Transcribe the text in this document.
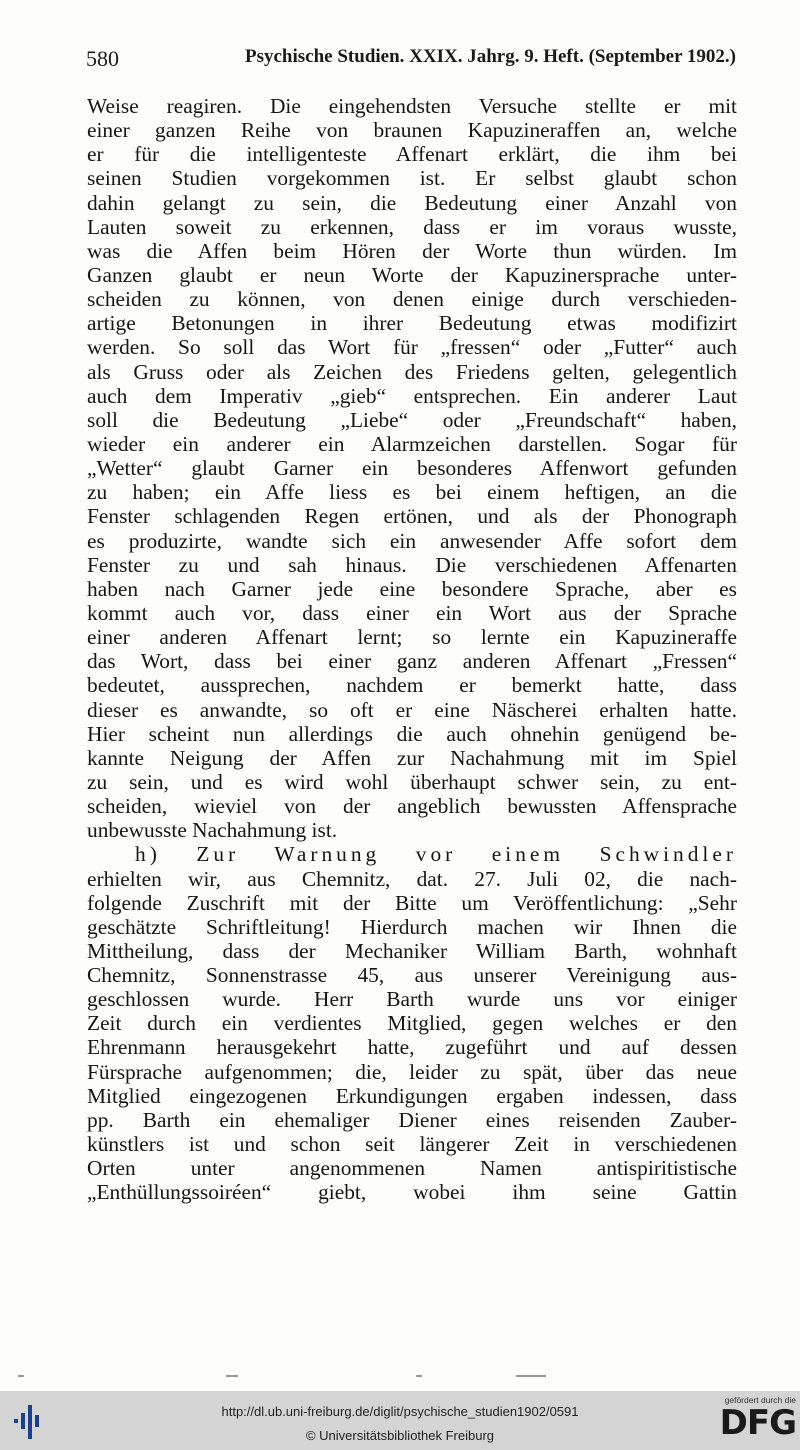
580	Psychische Studien. XXIX. Jahrg. 9. Heft. (September 1902.)
Weise reagiren. Die eingehendsten Versuche stellte er mit
einer ganzen Reihe von braunen Kapuzineraffen an, welche
er für die intelligenteste Affenart erklärt, die ihm bei
seinen Studien vorgekommen ist. Er selbst glaubt schon
dahin gelangt zu sein, die Bedeutung einer Anzahl von
Lauten soweit zu erkennen, dass er im voraus wusste,
was die Affen beim Hören der Worte thun würden. Im
Ganzen glaubt er neun Worte der Kapuzinersprache unter-
scheiden zu können, von denen einige durch verschieden-
artige Betonungen in ihrer Bedeutung etwas modifizirt
werden. So soll das Wort für „fressen“ oder „Futter“ auch
als Gruss oder als Zeichen des Friedens gelten, gelegentlich
auch dem Imperativ „gieb“ entsprechen. Ein anderer Laut
soll die Bedeutung „Liebe“ oder „Freundschaft“ haben,
wieder ein anderer ein Alarmzeichen darstellen. Sogar für
„Wetter“ glaubt Garner ein besonderes Affenwort gefunden
zu haben; ein Affe liess es bei einem heftigen, an die
Fenster schlagenden Regen ertönen, und als der Phonograph
es produzirte, wandte sich ein anwesender Affe sofort dem
Fenster zu und sah hinaus. Die verschiedenen Affenarten
haben nach Garner jede eine besondere Sprache, aber es
kommt auch vor, dass einer ein Wort aus der Sprache
einer anderen Affenart lernt; so lernte ein Kapuzineraffe
das Wort, dass bei einer ganz anderen Affenart „Fressen“
bedeutet, aussprechen, nachdem er bemerkt hatte, dass
dieser es anwandte, so oft er eine Näscherei erhalten hatte.
Hier scheint nun allerdings die auch ohnehin genügend be-
kannte Neigung der Affen zur Nachahmung mit im Spiel
zu sein, und es wird wohl überhaupt schwer sein, zu ent-
scheiden, wieviel von der angeblich bewussten Affensprache
unbewusste Nachahmung ist.
h) Zur Warnung vor einem Schwindler
erhielten wir, aus Chemnitz, dat. 27. Juli 02, die nach-
folgende Zuschrift mit der Bitte um Veröffentlichung: „Sehr
geschätzte Schriftleitung! Hierdurch machen wir Ihnen die
Mittheilung, dass der Mechaniker William Barth, wohnhaft
Chemnitz, Sonnenstrasse 45, aus unserer Vereinigung aus-
geschlossen wurde. Herr Barth wurde uns vor einiger
Zeit durch ein verdientes Mitglied, gegen welches er den
Ehrenmann herausgekehrt hatte, zugeführt und auf dessen
Fürsprache aufgenommen; die, leider zu spät, über das neue
Mitglied eingezogenen Erkundigungen ergaben indessen, dass
pp. Barth ein ehemaliger Diener eines reisenden Zauber-
künstlers ist und schon seit längerer Zeit in verschiedenen
Orten unter angenommenen Namen antispiritistische
„Enthüllungssoiréen“ giebt, wobei ihm seine Gattin
http://dl.ub.uni-freiburg.de/diglit/psychische_studien1902/0591
© Universitätsbibliothek Freiburg
gefördert durch die
DFG
